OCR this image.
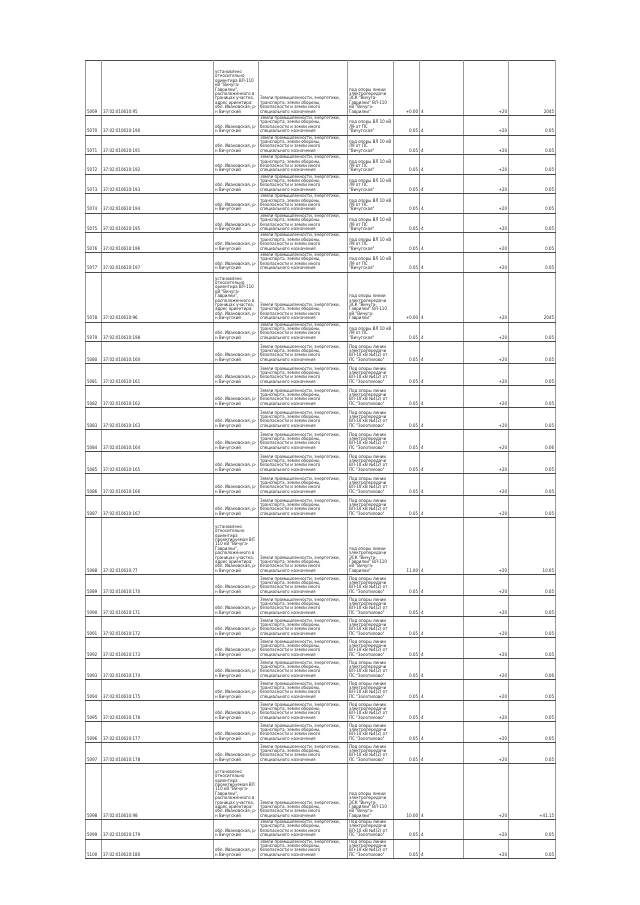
5069	37:02:010610:95	установлено относительно ориентира ВЛ-110 кВ "Вичуга-Гаврилки", расположенного в границах участка, адрес ориентира: обл. Ивановская, р-н Вичугский	Земли промышленности, энергетики, транспорта, земли обороны, безопасности и земли иного специального назначения	под опоры линии электропередачи ЭСК "Вичуга-Гаврилки" ВЛ-110 кВ "Вичуга-Гаврилки"	+0.00	4	+20	2045
5070	37:02:010610:190	обл. Ивановская, р-н Вичугский	Земли промышленности, энергетики, транспорта, земли обороны, безопасности и земли иного специального назначения	под опоры ВЛ 10 кВ Л9 от ПС "Вичугская"	0.05	4	+20	0.05
5071	37:02:010610:191	обл. Ивановская, р-н Вичугский	Земли промышленности, энергетики, транспорта, земли обороны, безопасности и земли иного специального назначения	под опоры ВЛ 10 кВ Л9 от ПС "Вичугская"	0.05	4	+20	0.05
5072	37:02:010610:192	обл. Ивановская, р-н Вичугский	Земли промышленности, энергетики, транспорта, земли обороны, безопасности и земли иного специального назначения	под опоры ВЛ 10 кВ Л9 от ПС "Вичугская"	0.05	4	+20	0.05
5073	37:02:010610:193	обл. Ивановская, р-н Вичугский	Земли промышленности, энергетики, транспорта, земли обороны, безопасности и земли иного специального назначения	под опоры ВЛ 10 кВ Л9 от ПС "Вичугская"	0.05	4	+20	0.05
5074	37:02:010610:194	обл. Ивановская, р-н Вичугский	Земли промышленности, энергетики, транспорта, земли обороны, безопасности и земли иного специального назначения	под опоры ВЛ 10 кВ Л9 от ПС "Вичугская"	0.05	4	+20	0.05
5075	37:02:010610:195	обл. Ивановская, р-н Вичугский	Земли промышленности, энергетики, транспорта, земли обороны, безопасности и земли иного специального назначения	под опоры ВЛ 10 кВ Л9 от ПС "Вичугская"	0.05	4	+20	0.05
5076	37:02:010610:196	обл. Ивановская, р-н Вичугский	Земли промышленности, энергетики, транспорта, земли обороны, безопасности и земли иного специального назначения	под опоры ВЛ 10 кВ Л9 от ПС "Вичугская"	0.05	4	+20	0.05
5077	37:02:010610:197	обл. Ивановская, р-н Вичугский	Земли промышленности, энергетики, транспорта, земли обороны, безопасности и земли иного специального назначения	под опоры ВЛ 10 кВ Л9 от ПС "Вичугская"	0.05	4	+20	0.05
5078	37:02:010610:96	установлено относительно ориентира ВЛ-110 кВ "Вичуга-Гаврилки", расположенного в границах участка, адрес ориентира: обл. Ивановская, р-н Вичугский	Земли промышленности, энергетики, транспорта, земли обороны, безопасности и земли иного специального назначения	под опоры линии электропередачи ЭСК "Вичуга-Гаврилки" ВЛ-110 кВ "Вичуга-Гаврилки"	+0.00	4	+20	2045
5079	37:02:010610:198	обл. Ивановская, р-н Вичугский	Земли промышленности, энергетики, транспорта, земли обороны, безопасности и земли иного специального назначения	под опоры ВЛ 10 кВ Л9 от ПС "Вичугская"	0.05	4	+20	0.05
5080	37:02:010610:160	обл. Ивановская, р-н Вичугский	Земли промышленности, энергетики, транспорта, земли обороны, безопасности и земли иного специального назначения	Под опоры линии электропередачи ВЛ-10 кВ №4(2) от ПС "Золотилово"	0.05	4	+20	0.05
5081	37:02:010610:161	обл. Ивановская, р-н Вичугский	Земли промышленности, энергетики, транспорта, земли обороны, безопасности и земли иного специального назначения	Под опоры линии электропередачи ВЛ-10 кВ №4(2) от ПС "Золотилово"	0.05	4	+20	0.05
5082	37:02:010610:162	обл. Ивановская, р-н Вичугский	Земли промышленности, энергетики, транспорта, земли обороны, безопасности и земли иного специального назначения	Под опоры линии электропередачи ВЛ-10 кВ №4(2) от ПС "Золотилово"	0.05	4	+20	0.05
5083	37:02:010610:163	обл. Ивановская, р-н Вичугский	Земли промышленности, энергетики, транспорта, земли обороны, безопасности и земли иного специального назначения	Под опоры линии электропередачи ВЛ-10 кВ №4(2) от ПС "Золотилово"	0.05	4	+20	0.05
5084	37:02:010610:164	обл. Ивановская, р-н Вичугский	Земли промышленности, энергетики, транспорта, земли обороны, безопасности и земли иного специального назначения	Под опоры линии электропередачи ВЛ-10 кВ №4(2) от ПС "Золотилово"	0.05	4	+20	0.06
5085	37:02:010610:165	обл. Ивановская, р-н Вичугский	Земли промышленности, энергетики, транспорта, земли обороны, безопасности и земли иного специального назначения	Под опоры линии электропередачи ВЛ-10 кВ №4(2) от ПС "Золотилово"	0.05	4	+20	0.05
5086	37:02:010610:166	обл. Ивановская, р-н Вичугский	Земли промышленности, энергетики, транспорта, земли обороны, безопасности и земли иного специального назначения	Под опоры линии электропередачи ВЛ-10 кВ №4(2) от ПС "Золотилово"	0.05	4	+20	0.05
5087	37:02:010610:167	обл. Ивановская, р-н Вичугский	Земли промышленности, энергетики, транспорта, земли обороны, безопасности и земли иного специального назначения	Под опоры линии электропередачи ВЛ-10 кВ №4(2) от ПС "Золотилово"	0.05	4	+20	0.05
5088	37:02:010610:77	установлено относительно ориентира проектируемая ВЛ 110 кВ "Вичуга-Гаврилки", расположенного в границах участка, адрес ориентира: обл. Ивановская, р-н Вичугский	Земли промышленности, энергетики, транспорта, земли обороны, безопасности и земли иного специального назначения	под опоры линии электропередачи ЭСК "Вичуга-Гаврилки" ВЛ-110 кВ "Вичуга-Гаврилки"	11.00	4	+20	10.05
5089	37:02:010610:170	обл. Ивановская, р-н Вичугский	Земли промышленности, энергетики, транспорта, земли обороны, безопасности и земли иного специального назначения	Под опоры линии электропередачи ВЛ-10 кВ №4(2) от ПС "Золотилово"	0.05	4	+20	0.05
5090	37:02:010610:171	обл. Ивановская, р-н Вичугский	Земли промышленности, энергетики, транспорта, земли обороны, безопасности и земли иного специального назначения	Под опоры линии электропередачи ВЛ-10 кВ №4(2) от ПС "Золотилово"	0.05	4	+20	0.05
5091	37:02:010610:172	обл. Ивановская, р-н Вичугский	Земли промышленности, энергетики, транспорта, земли обороны, безопасности и земли иного специального назначения	Под опоры линии электропередачи ВЛ-10 кВ №4(2) от ПС "Золотилово"	0.05	4	+20	0.05
5092	37:02:010610:173	обл. Ивановская, р-н Вичугский	Земли промышленности, энергетики, транспорта, земли обороны, безопасности и земли иного специального назначения	Под опоры линии электропередачи ВЛ-10 кВ №4(2) от ПС "Золотилово"	0.05	4	+20	0.05
5093	37:02:010610:174	обл. Ивановская, р-н Вичугский	Земли промышленности, энергетики, транспорта, земли обороны, безопасности и земли иного специального назначения	Под опоры линии электропередачи ВЛ-10 кВ №4(2) от ПС "Золотилово"	0.05	4	+20	0.06
5094	37:02:010610:175	обл. Ивановская, р-н Вичугский	Земли промышленности, энергетики, транспорта, земли обороны, безопасности и земли иного специального назначения	Под опоры линии электропередачи ВЛ-10 кВ №4(2) от ПС "Золотилово"	0.05	4	+20	0.05
5095	37:02:010610:176	обл. Ивановская, р-н Вичугский	Земли промышленности, энергетики, транспорта, земли обороны, безопасности и земли иного специального назначения	Под опоры линии электропередачи ВЛ-10 кВ №4(2) от ПС "Золотилово"	0.05	4	+20	0.05
5096	37:02:010610:177	обл. Ивановская, р-н Вичугский	Земли промышленности, энергетики, транспорта, земли обороны, безопасности и земли иного специального назначения	Под опоры линии электропередачи ВЛ-10 кВ №4(2) от ПС "Золотилово"	0.05	4	+20	0.05
5097	37:02:010610:178	обл. Ивановская, р-н Вичугский	Земли промышленности, энергетики, транспорта, земли обороны, безопасности и земли иного специального назначения	Под опоры линии электропередачи ВЛ-10 кВ №4(2) от ПС "Золотилово"	0.05	4	+20	0.05
5098	37:02:010610:98	установлено относительно ориентира проектируемая ВЛ 110 кВ "Вичуга-Гаврилки", расположенного в границах участка, адрес ориентира: обл. Ивановская, р-н Вичугский	Земли промышленности, энергетики, транспорта, земли обороны, безопасности и земли иного специального назначения	под опоры линии электропередачи ЭСК "Вичуга-Гаврилки" ВЛ-110 кВ "Вичуга-Гаврилки"	10.00	4	+20	+41.15
5099	37:02:010610:179	обл. Ивановская, р-н Вичугский	Земли промышленности, энергетики, транспорта, земли обороны, безопасности и земли иного специального назначения	Под опоры линии электропередачи ВЛ-10 кВ №4(2) от ПС "Золотилово"	0.05	4	+20	0.05
5100	37:02:010610:180	обл. Ивановская, р-н Вичугский	Земли промышленности, энергетики, транспорта, земли обороны, безопасности и земли иного специального назначения	Под опоры линии электропередачи ВЛ-10 кВ №4(2) от ПС "Золотилово"	0.05	4	+20	0.05
